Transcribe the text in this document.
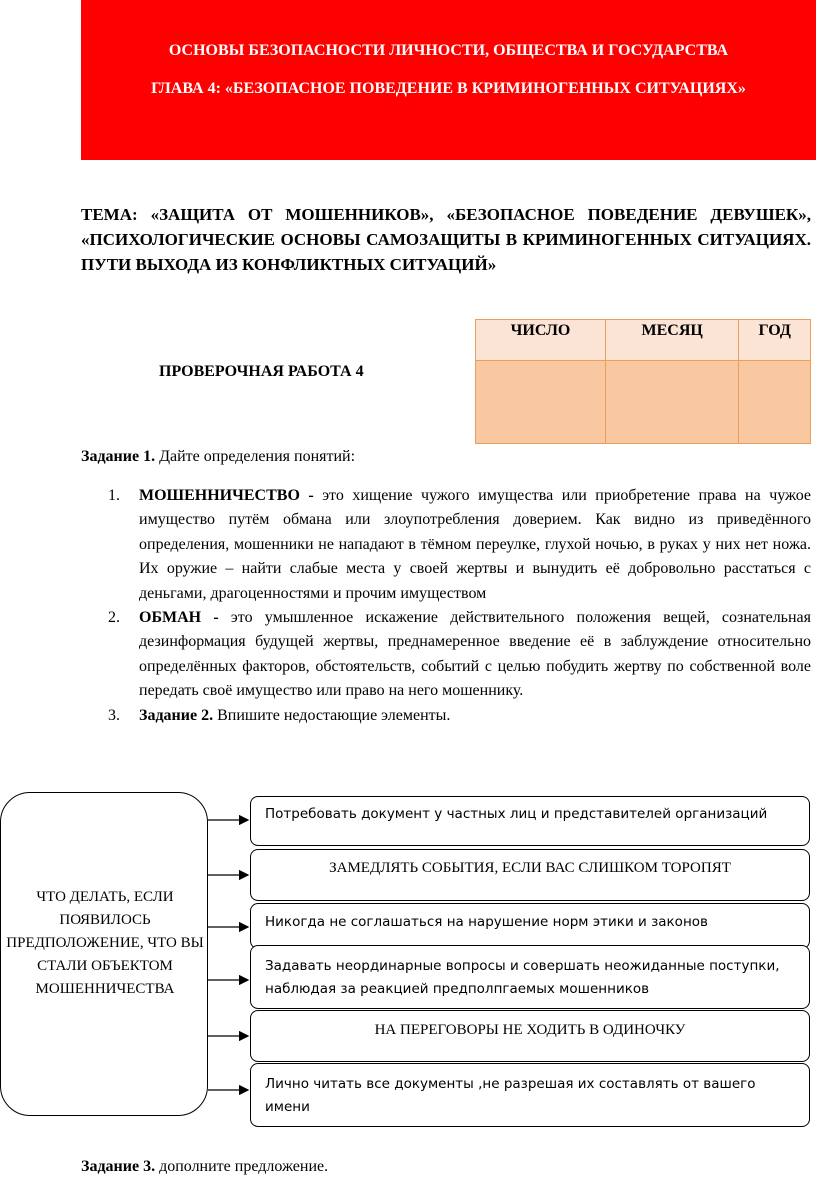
ОСНОВЫ БЕЗОПАСНОСТИ ЛИЧНОСТИ, ОБЩЕСТВА И ГОСУДАРСТВА
ГЛАВА 4: «БЕЗОПАСНОЕ ПОВЕДЕНИЕ В КРИМИНОГЕННЫХ СИТУАЦИЯХ»
ТЕМА: «ЗАЩИТА ОТ МОШЕННИКОВ», «БЕЗОПАСНОЕ ПОВЕДЕНИЕ ДЕВУШЕК», «ПСИХОЛОГИЧЕСКИЕ ОСНОВЫ САМОЗАЩИТЫ В КРИМИНОГЕННЫХ СИТУАЦИЯХ. ПУТИ ВЫХОДА ИЗ КОНФЛИКТНЫХ СИТУАЦИЙ»
ПРОВЕРОЧНАЯ РАБОТА 4
ЧИСЛО	МЕСЯЦ	ГОД

Задание 1. Дайте определения понятий:
1. МОШЕННИЧЕСТВО - это хищение чужого имущества или приобретение права на чужое имущество путём обмана или злоупотребления доверием. Как видно из приведённого определения, мошенники не нападают в тёмном переулке, глухой ночью, в руках у них нет ножа. Их оружие – найти слабые места у своей жертвы и вынудить её добровольно расстаться с деньгами, драгоценностями и прочим имуществом
2. ОБМАН - это умышленное искажение действительного положения вещей, сознательная дезинформация будущей жертвы, преднамеренное введение её в заблуждение относительно определённых факторов, обстоятельств, событий с целью побудить жертву по собственной воле передать своё имущество или право на него мошеннику.
3. Задание 2. Впишите недостающие элементы.
ЧТО ДЕЛАТЬ, ЕСЛИ ПОЯВИЛОСЬ ПРЕДПОЛОЖЕНИЕ, ЧТО ВЫ СТАЛИ ОБЪЕКТОМ МОШЕННИЧЕСТВА
Потребовать документ у частных лиц и представителей организаций
ЗАМЕДЛЯТЬ СОБЫТИЯ, ЕСЛИ ВАС СЛИШКОМ ТОРОПЯТ
Никогда не соглашаться на нарушение норм этики и законов
Задавать неординарные вопросы и совершать неожиданные поступки, наблюдая за реакцией предполпгаемых мошенников
НА ПЕРЕГОВОРЫ НЕ ХОДИТЬ В ОДИНОЧКУ
Лично читать все документы ,не разрешая их составлять от вашего имени
Задание 3. дополните предложение.
